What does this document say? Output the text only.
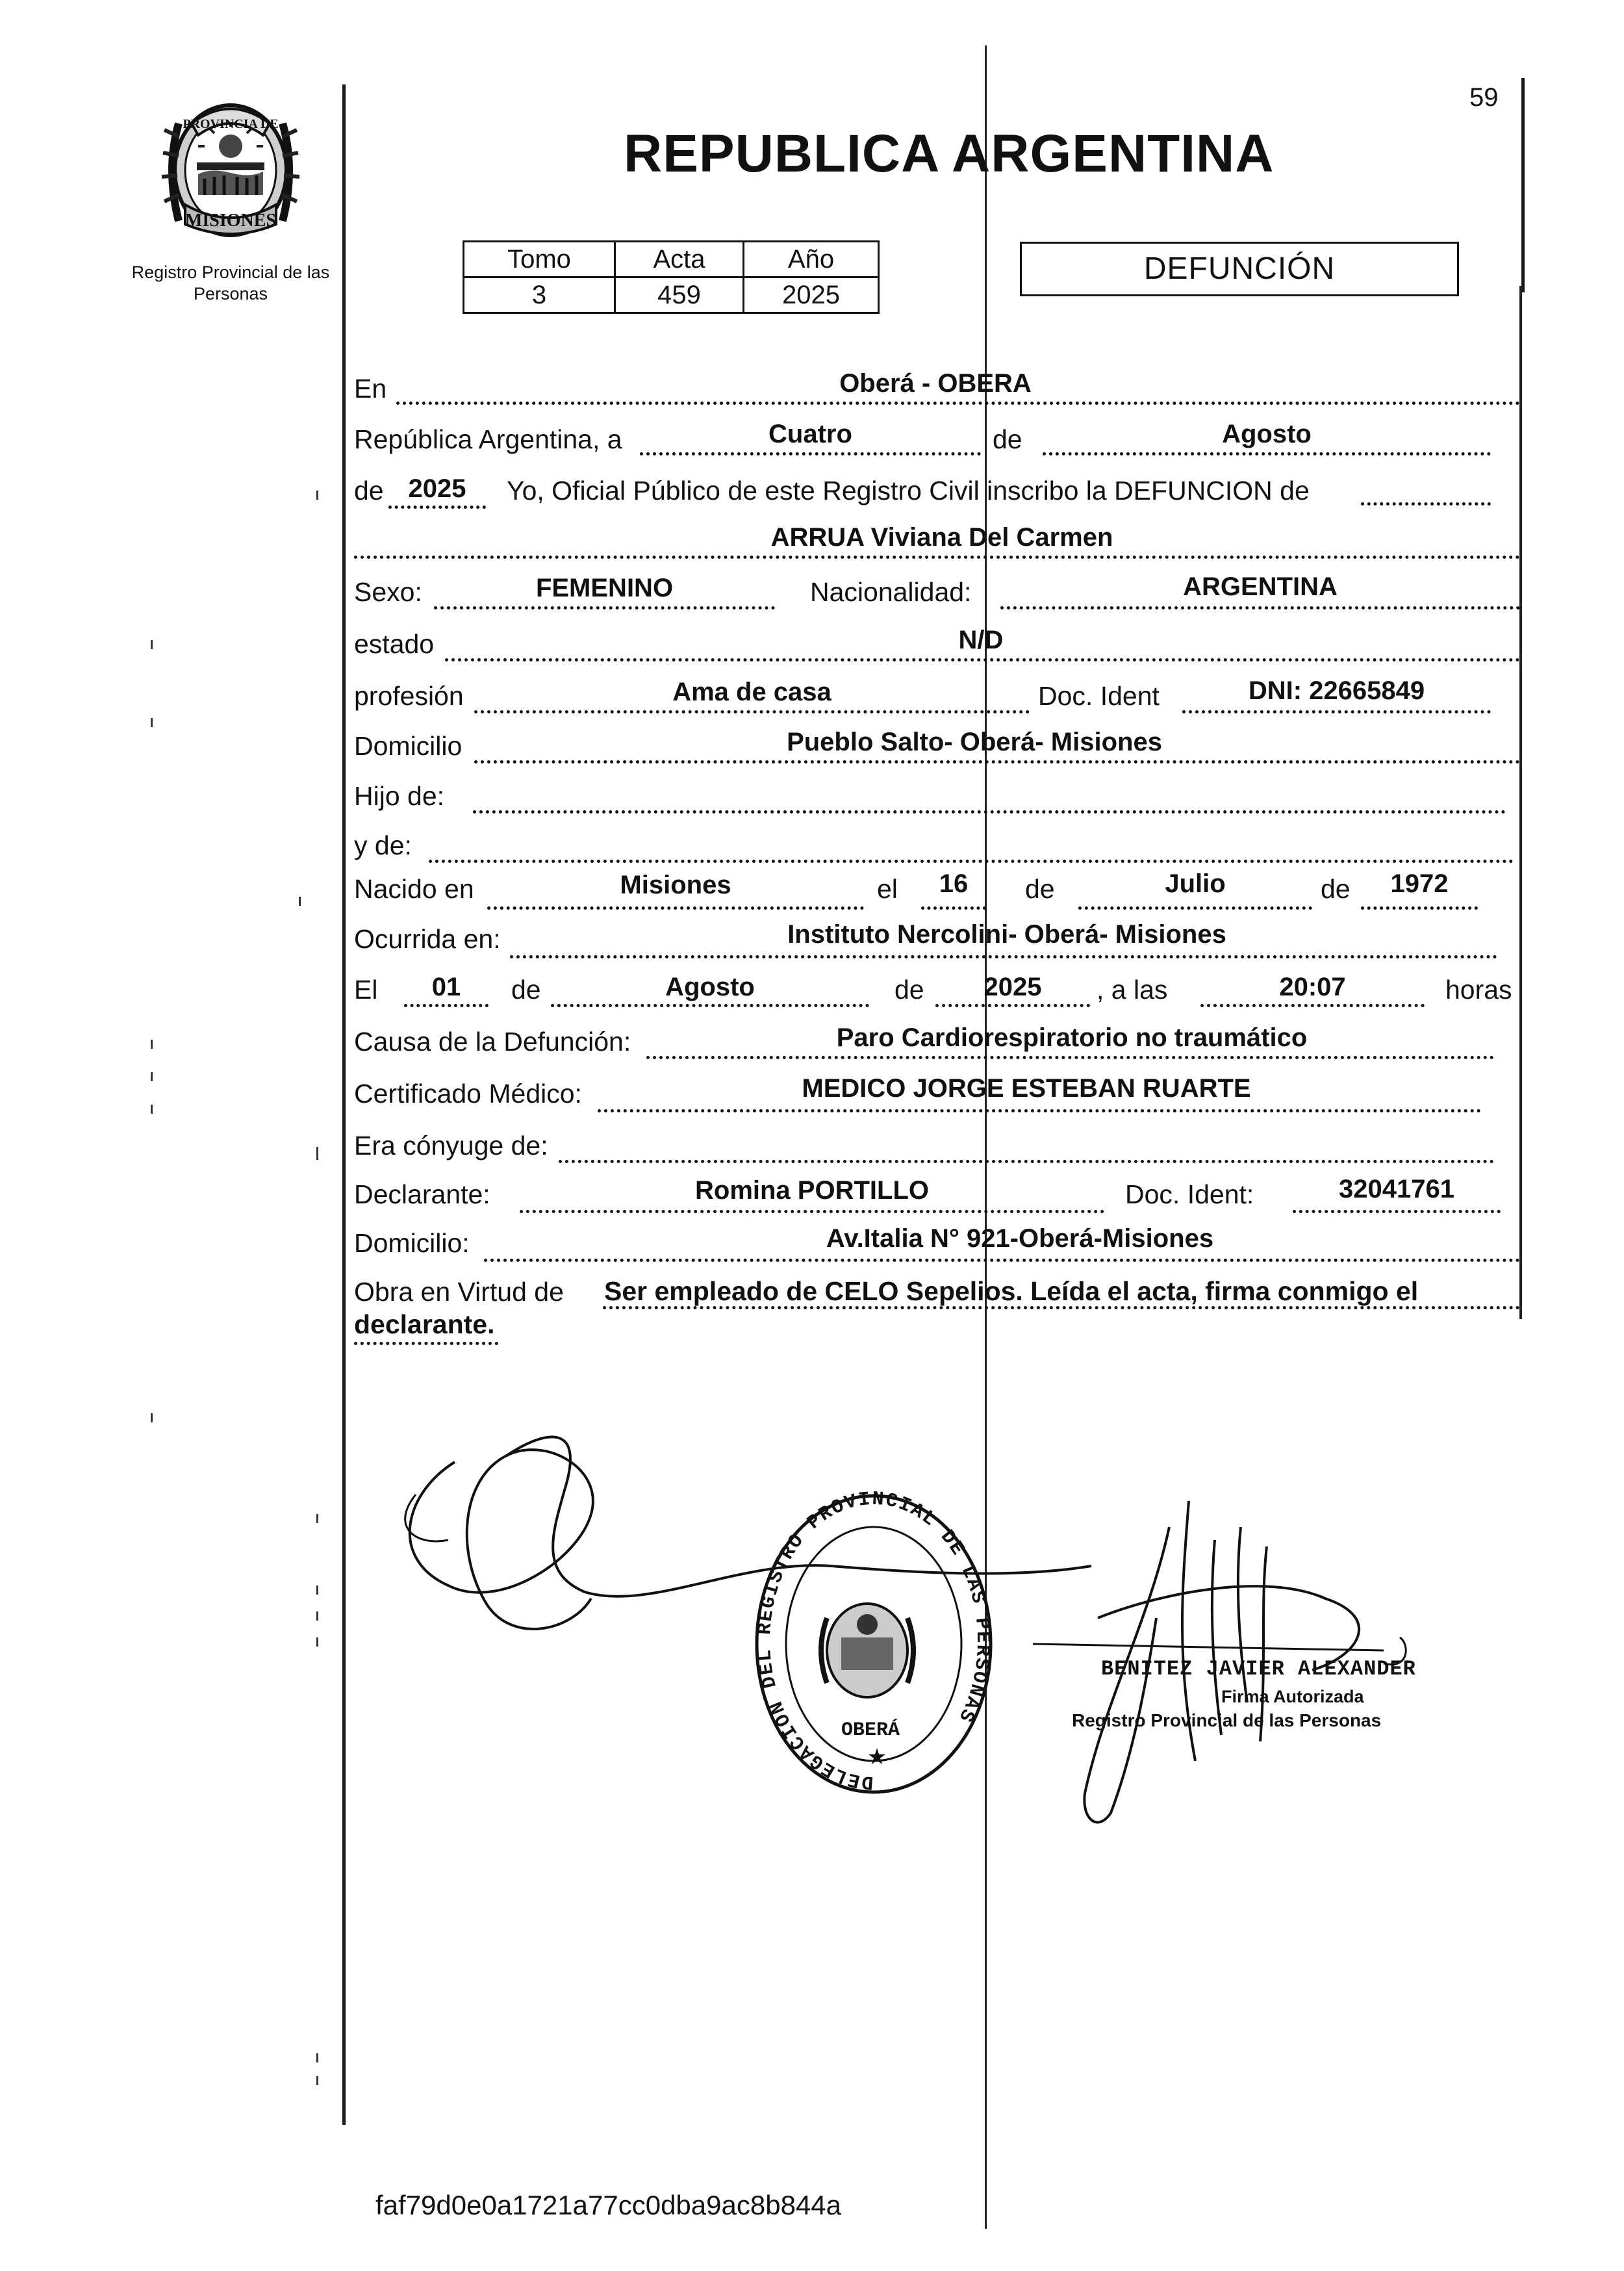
59
PROVINCIA DE
MISIONES
Registro Provincial de las Personas
REPUBLICA ARGENTINA
Tomo	Acta	Año
3	459	2025
DEFUNCIÓN
En	Oberá - OBERA
República Argentina, a	Cuatro	de	Agosto
de 2025	Yo, Oficial Público de este Registro Civil inscribo la DEFUNCION de
ARRUA Viviana Del Carmen
Sexo:	FEMENINO	Nacionalidad:	ARGENTINA
estado	N/D
profesión	Ama de casa	Doc. Ident	DNI: 22665849
Domicilio	Pueblo Salto- Oberá- Misiones
Hijo de:
y de:
Nacido en	Misiones	el	16	de	Julio	de	1972
Ocurrida en:	Instituto Nercolini- Oberá- Misiones
El	01	de	Agosto	de	2025	, a las	20:07	horas
Causa de la Defunción:	Paro Cardiorespiratorio no traumático
Certificado Médico:	MEDICO JORGE ESTEBAN RUARTE
Era cónyuge de:
Declarante:	Romina PORTILLO	Doc. Ident:	32041761
Domicilio:	Av.Italia N° 921-Oberá-Misiones
Obra en Virtud de Ser empleado de CELO Sepelios. Leída el acta, firma conmigo el
declarante.
DELEGACION DEL REGISTRO PROVINCIAL DE LAS PERSONAS
OBERÁ
★
BENITEZ JAVIER ALEXANDER
Firma Autorizada
Registro Provincial de las Personas
faf79d0e0a1721a77cc0dba9ac8b844a
